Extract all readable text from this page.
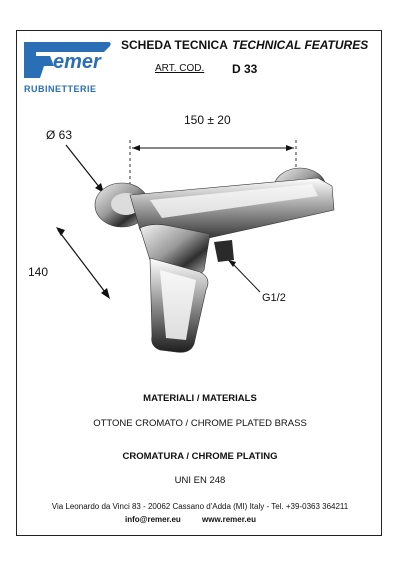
emer
RUBINETTERIE
SCHEDA TECNICA TECHNICAL FEATURES
ART. COD. D 33
150 ± 20
Ø 63
140
G1/2
MATERIALI / MATERIALS
OTTONE CROMATO / CHROME PLATED BRASS
CROMATURA / CHROME PLATING
UNI EN 248
Via Leonardo da Vinci 83 - 20062 Cassano d'Adda (MI) Italy - Tel. +39-0363 364211
info@remer.eu	www.remer.eu
